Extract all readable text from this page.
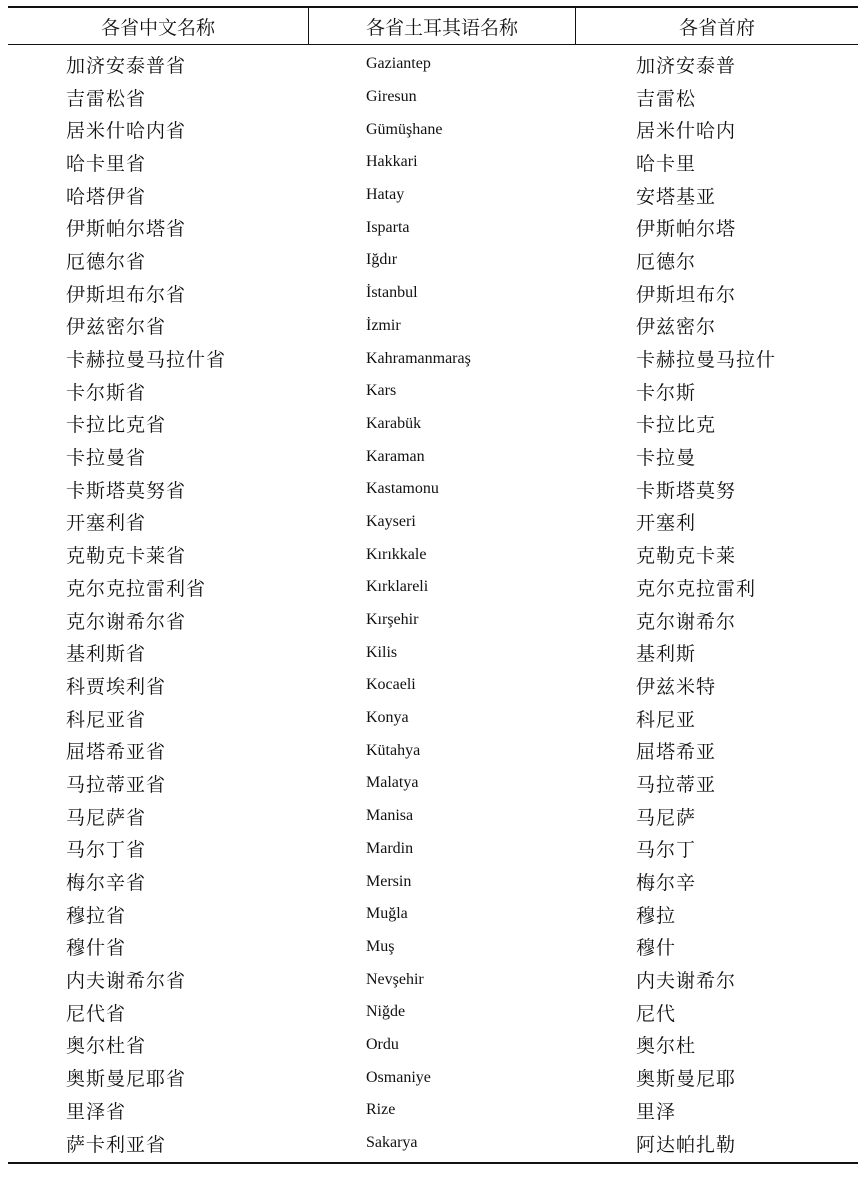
各省中文名称	各省土耳其语名称	各省首府
加济安泰普省	Gaziantep	加济安泰普
吉雷松省	Giresun	吉雷松
居米什哈内省	Gümüşhane	居米什哈内
哈卡里省	Hakkari	哈卡里
哈塔伊省	Hatay	安塔基亚
伊斯帕尔塔省	Isparta	伊斯帕尔塔
厄德尔省	Iğdır	厄德尔
伊斯坦布尔省	İstanbul	伊斯坦布尔
伊兹密尔省	İzmir	伊兹密尔
卡赫拉曼马拉什省	Kahramanmaraş	卡赫拉曼马拉什
卡尔斯省	Kars	卡尔斯
卡拉比克省	Karabük	卡拉比克
卡拉曼省	Karaman	卡拉曼
卡斯塔莫努省	Kastamonu	卡斯塔莫努
开塞利省	Kayseri	开塞利
克勒克卡莱省	Kırıkkale	克勒克卡莱
克尔克拉雷利省	Kırklareli	克尔克拉雷利
克尔谢希尔省	Kırşehir	克尔谢希尔
基利斯省	Kilis	基利斯
科贾埃利省	Kocaeli	伊兹米特
科尼亚省	Konya	科尼亚
屈塔希亚省	Kütahya	屈塔希亚
马拉蒂亚省	Malatya	马拉蒂亚
马尼萨省	Manisa	马尼萨
马尔丁省	Mardin	马尔丁
梅尔辛省	Mersin	梅尔辛
穆拉省	Muğla	穆拉
穆什省	Muş	穆什
内夫谢希尔省	Nevşehir	内夫谢希尔
尼代省	Niğde	尼代
奥尔杜省	Ordu	奥尔杜
奥斯曼尼耶省	Osmaniye	奥斯曼尼耶
里泽省	Rize	里泽
萨卡利亚省	Sakarya	阿达帕扎勒
